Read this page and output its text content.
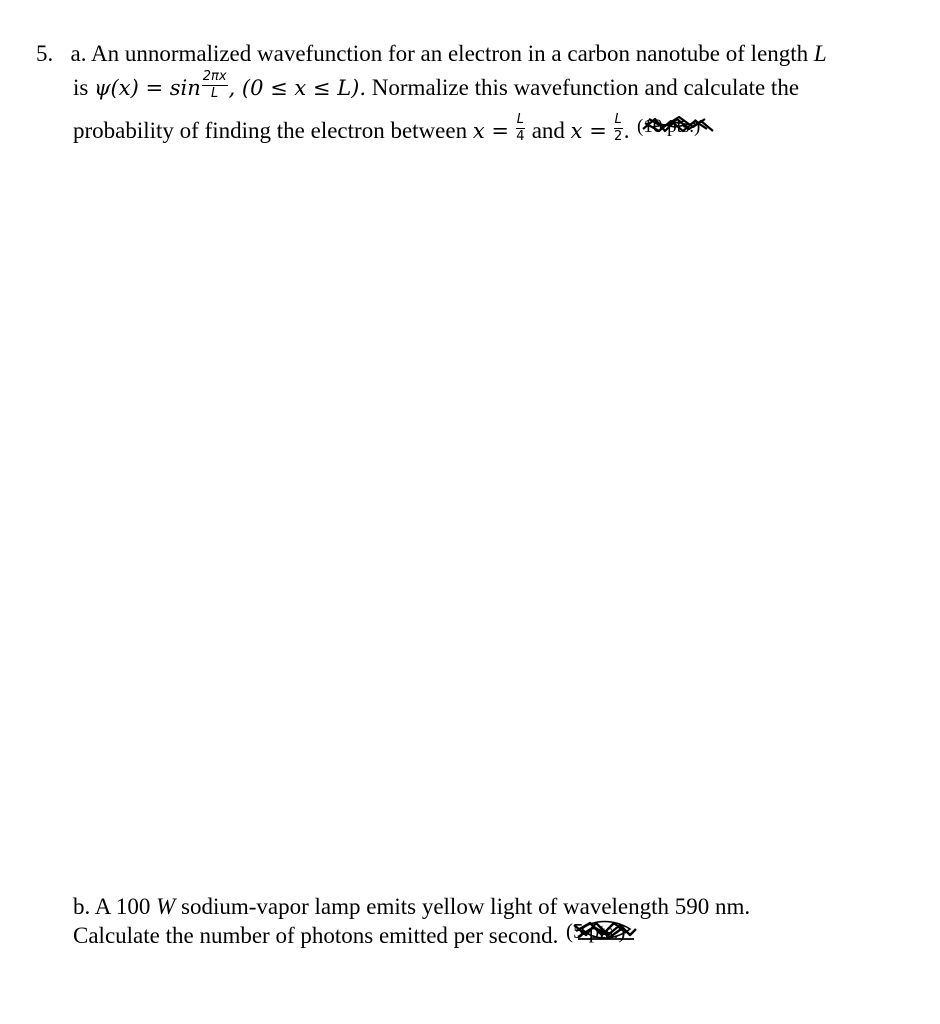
5. a. An unnormalized wavefunction for an electron in a carbon nanotube of length L
is $\psi(x) = \sin \frac{2\pi x}{L}$ , (0 ≤ x ≤ L). Normalize this wavefunction and calculate the
probability of finding the electron between $x = \frac{L}{4}$ and $x = \frac{L}{2}$ . (10 pts.)
b. A 100 W sodium-vapor lamp emits yellow light of wavelength 590 nm.
Calculate the number of photons emitted per second. (5 pts.)
